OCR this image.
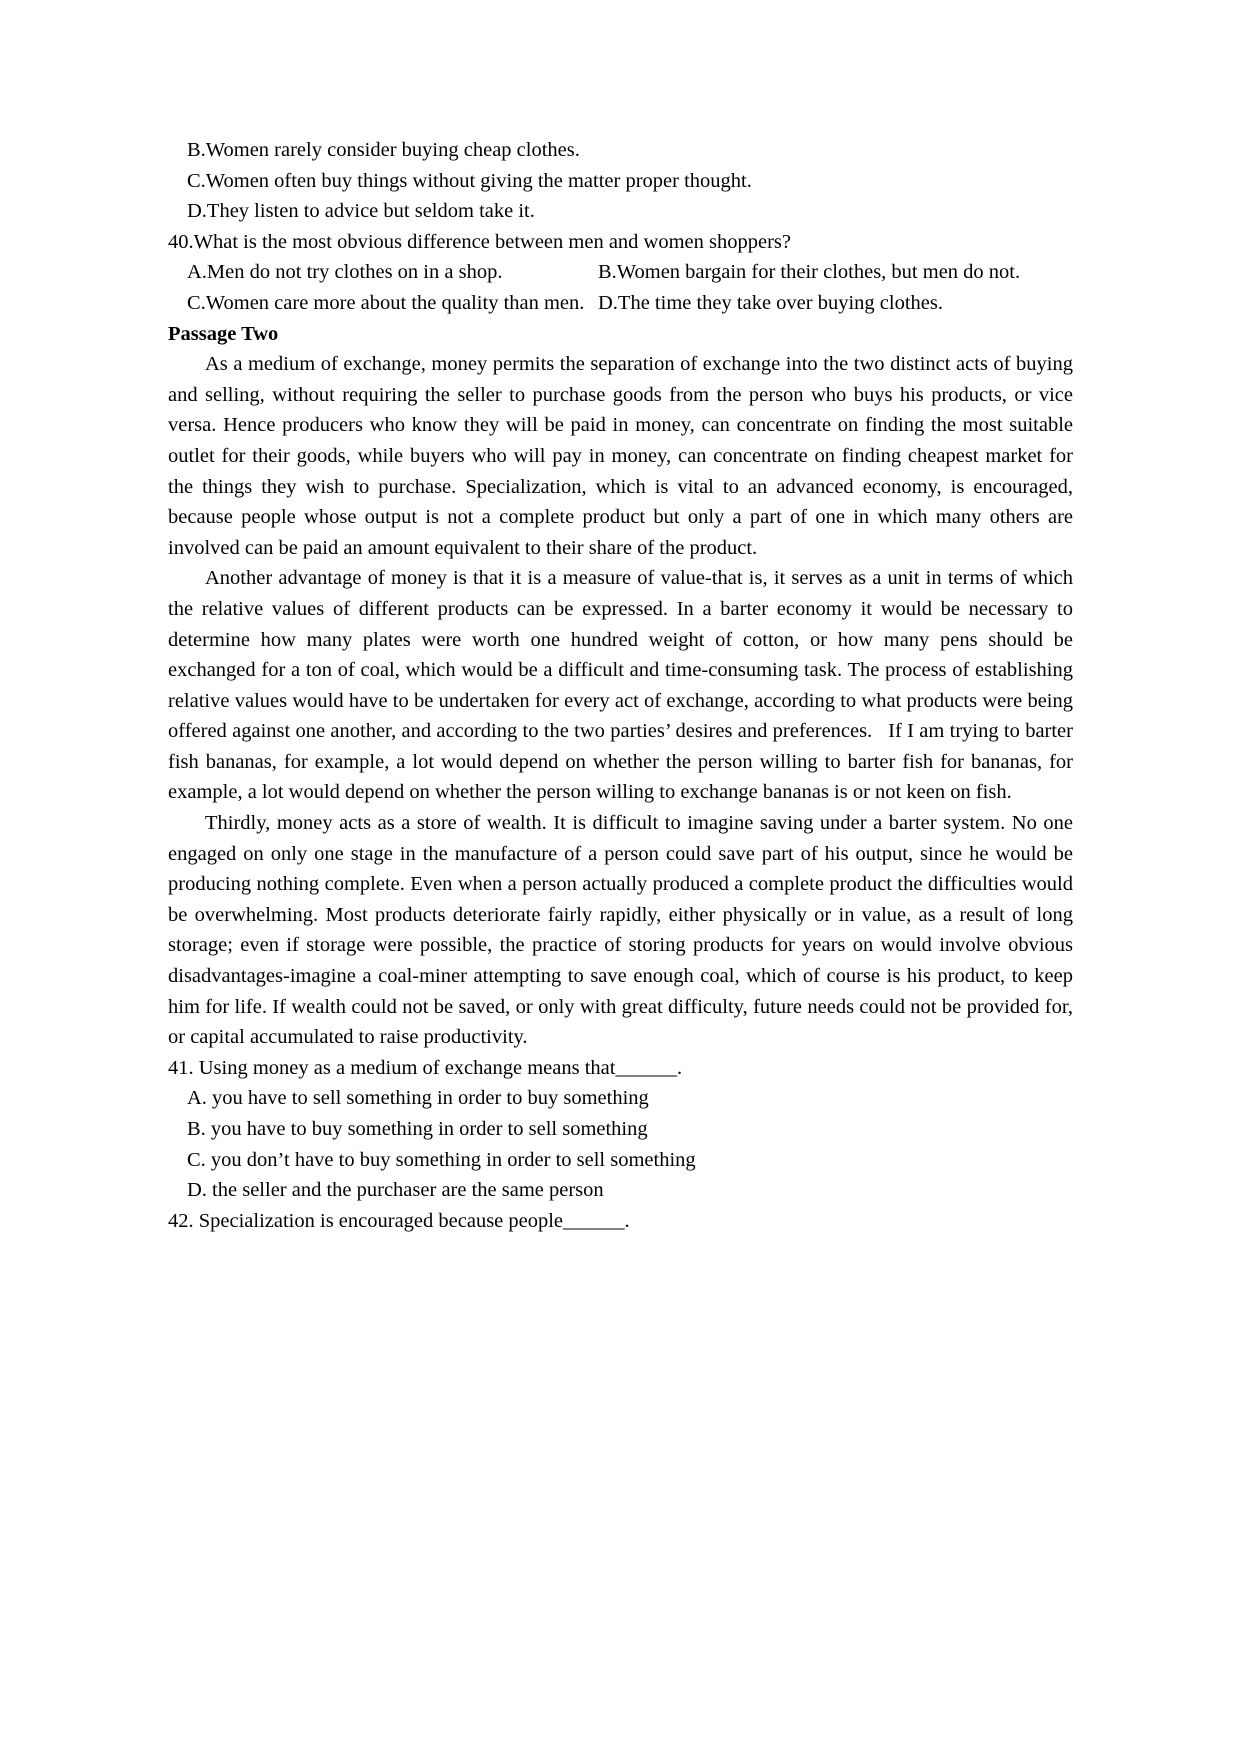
B.Women rarely consider buying cheap clothes.
C.Women often buy things without giving the matter proper thought.
D.They listen to advice but seldom take it.
40.What is the most obvious difference between men and women shoppers?
A.Men do not try clothes on in a shop.	B.Women bargain for their clothes, but men do not.
C.Women care more about the quality than men. D.The time they take over buying clothes.
Passage Two

As a medium of exchange, money permits the separation of exchange into the two distinct acts of buying and selling, without requiring the seller to purchase goods from the person who buys his products, or vice versa. Hence producers who know they will be paid in money, can concentrate on finding the most suitable outlet for their goods, while buyers who will pay in money, can concentrate on finding cheapest market for the things they wish to purchase. Specialization, which is vital to an advanced economy, is encouraged, because people whose output is not a complete product but only a part of one in which many others are involved can be paid an amount equivalent to their share of the product.

Another advantage of money is that it is a measure of value-that is, it serves as a unit in terms of which the relative values of different products can be expressed. In a barter economy it would be necessary to determine how many plates were worth one hundred weight of cotton, or how many pens should be exchanged for a ton of coal, which would be a difficult and time-consuming task. The process of establishing relative values would have to be undertaken for every act of exchange, according to what products were being offered against one another, and according to the two parties’ desires and preferences.   If I am trying to barter fish bananas, for example, a lot would depend on whether the person willing to barter fish for bananas, for example, a lot would depend on whether the person willing to exchange bananas is or not keen on fish.

Thirdly, money acts as a store of wealth. It is difficult to imagine saving under a barter system. No one engaged on only one stage in the manufacture of a person could save part of his output, since he would be producing nothing complete. Even when a person actually produced a complete product the difficulties would be overwhelming. Most products deteriorate fairly rapidly, either physically or in value, as a result of long storage; even if storage were possible, the practice of storing products for years on would involve obvious disadvantages-imagine a coal-miner attempting to save enough coal, which of course is his product, to keep him for life. If wealth could not be saved, or only with great difficulty, future needs could not be provided for, or capital accumulated to raise productivity.

41. Using money as a medium of exchange means that______.
A. you have to sell something in order to buy something
B. you have to buy something in order to sell something
C. you don’t have to buy something in order to sell something
D. the seller and the purchaser are the same person
42. Specialization is encouraged because people______.
